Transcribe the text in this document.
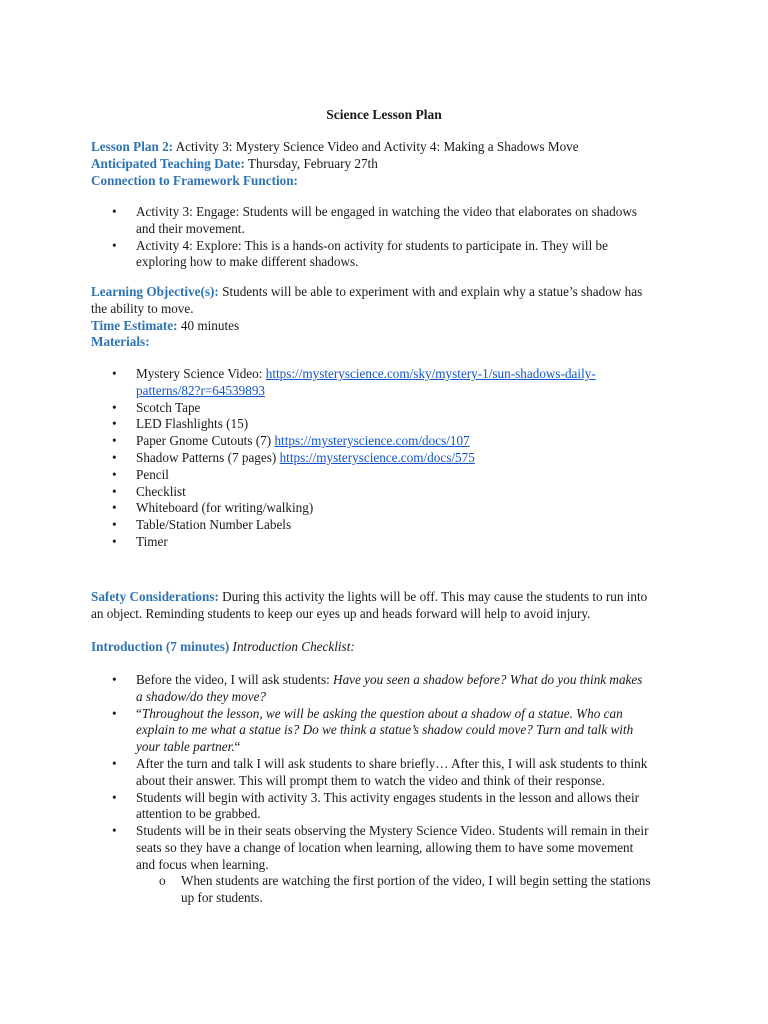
Science Lesson Plan
Lesson Plan 2: Activity 3: Mystery Science Video and Activity 4: Making a Shadows Move
Anticipated Teaching Date: Thursday, February 27th
Connection to Framework Function:
• Activity 3: Engage: Students will be engaged in watching the video that elaborates on shadows
and their movement.
• Activity 4: Explore: This is a hands-on activity for students to participate in. They will be
exploring how to make different shadows.
Learning Objective(s): Students will be able to experiment with and explain why a statue’s shadow has
the ability to move.
Time Estimate: 40 minutes
Materials:
• Mystery Science Video: https://mysteryscience.com/sky/mystery-1/sun-shadows-daily-
patterns/82?r=64539893
• Scotch Tape
• LED Flashlights (15)
• Paper Gnome Cutouts (7) https://mysteryscience.com/docs/107
• Shadow Patterns (7 pages) https://mysteryscience.com/docs/575
• Pencil
• Checklist
• Whiteboard (for writing/walking)
• Table/Station Number Labels
• Timer
Safety Considerations: During this activity the lights will be off. This may cause the students to run into
an object. Reminding students to keep our eyes up and heads forward will help to avoid injury.
Introduction (7 minutes) Introduction Checklist:
• Before the video, I will ask students: Have you seen a shadow before? What do you think makes
a shadow/do they move?
• “Throughout the lesson, we will be asking the question about a shadow of a statue. Who can
explain to me what a statue is? Do we think a statue’s shadow could move? Turn and talk with
your table partner.“
• After the turn and talk I will ask students to share briefly… After this, I will ask students to think
about their answer. This will prompt them to watch the video and think of their response.
• Students will begin with activity 3. This activity engages students in the lesson and allows their
attention to be grabbed.
• Students will be in their seats observing the Mystery Science Video. Students will remain in their
seats so they have a change of location when learning, allowing them to have some movement
and focus when learning.
o When students are watching the first portion of the video, I will begin setting the stations
up for students.
